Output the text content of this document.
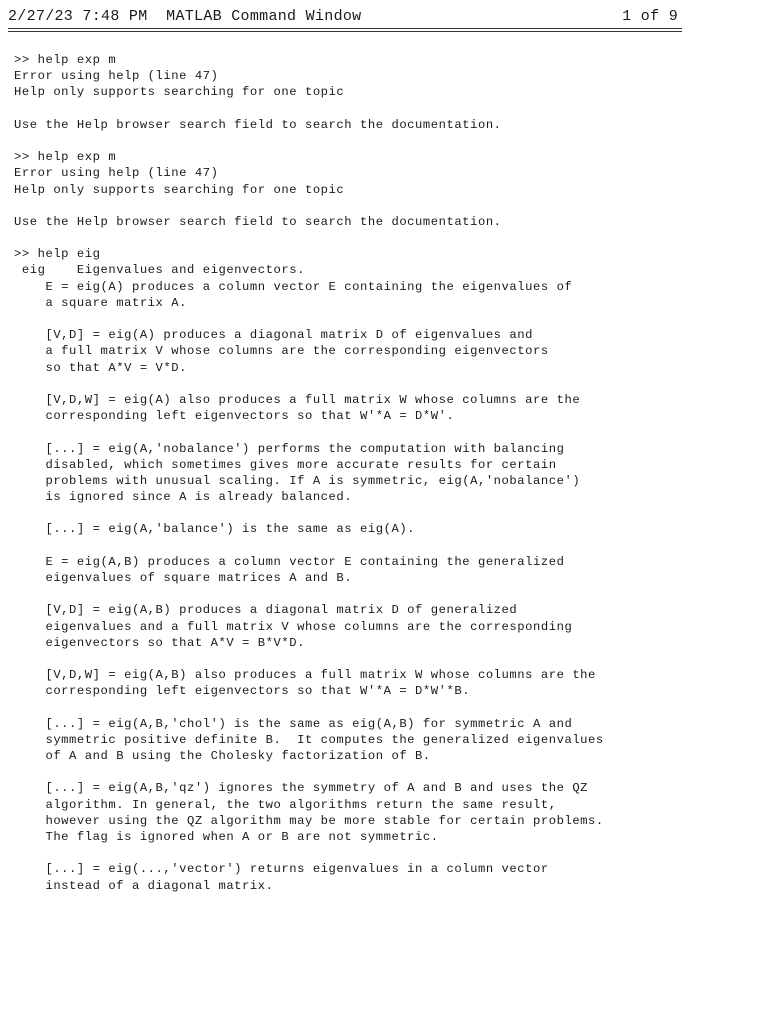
2/27/23 7:48 PM MATLAB Command Window	1 of 9
>> help exp m
Error using help (line 47)
Help only supports searching for one topic
Use the Help browser search field to search the documentation.
>> help exp m
Error using help (line 47)
Help only supports searching for one topic
Use the Help browser search field to search the documentation.
>> help eig
eig    Eigenvalues and eigenvectors.
E = eig(A) produces a column vector E containing the eigenvalues of
a square matrix A.
[V,D] = eig(A) produces a diagonal matrix D of eigenvalues and
a full matrix V whose columns are the corresponding eigenvectors
so that A*V = V*D.
[V,D,W] = eig(A) also produces a full matrix W whose columns are the
corresponding left eigenvectors so that W'*A = D*W'.
[...] = eig(A,'nobalance') performs the computation with balancing
disabled, which sometimes gives more accurate results for certain
problems with unusual scaling. If A is symmetric, eig(A,'nobalance')
is ignored since A is already balanced.
[...] = eig(A,'balance') is the same as eig(A).
E = eig(A,B) produces a column vector E containing the generalized
eigenvalues of square matrices A and B.
[V,D] = eig(A,B) produces a diagonal matrix D of generalized
eigenvalues and a full matrix V whose columns are the corresponding
eigenvectors so that A*V = B*V*D.
[V,D,W] = eig(A,B) also produces a full matrix W whose columns are the
corresponding left eigenvectors so that W'*A = D*W'*B.
[...] = eig(A,B,'chol') is the same as eig(A,B) for symmetric A and
symmetric positive definite B.  It computes the generalized eigenvalues
of A and B using the Cholesky factorization of B.
[...] = eig(A,B,'qz') ignores the symmetry of A and B and uses the QZ
algorithm. In general, the two algorithms return the same result,
however using the QZ algorithm may be more stable for certain problems.
The flag is ignored when A or B are not symmetric.
[...] = eig(...,'vector') returns eigenvalues in a column vector
instead of a diagonal matrix.
